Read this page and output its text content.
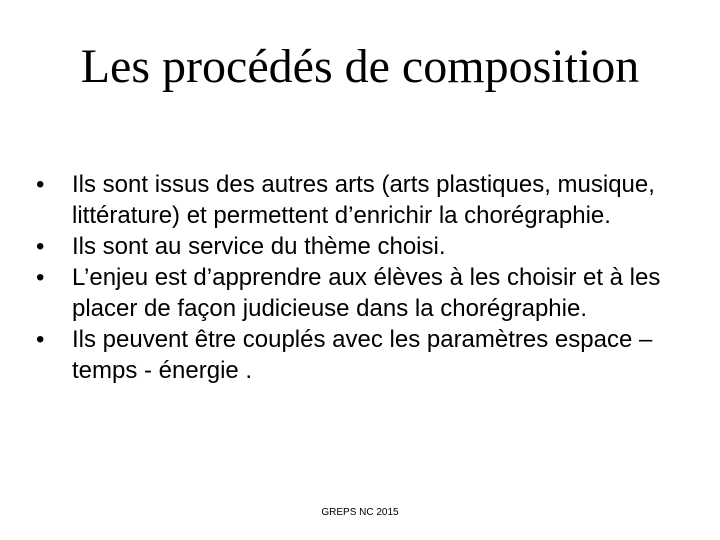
Les procédés de composition
•	Ils sont issus des autres arts (arts plastiques, musique, littérature) et permettent d’enrichir la chorégraphie.
•	Ils sont au service du thème choisi.
•	L’enjeu est d’apprendre aux élèves à les choisir et à les placer de façon judicieuse dans la chorégraphie.
•	Ils peuvent être couplés avec les paramètres espace – temps - énergie .
GREPS NC 2015
